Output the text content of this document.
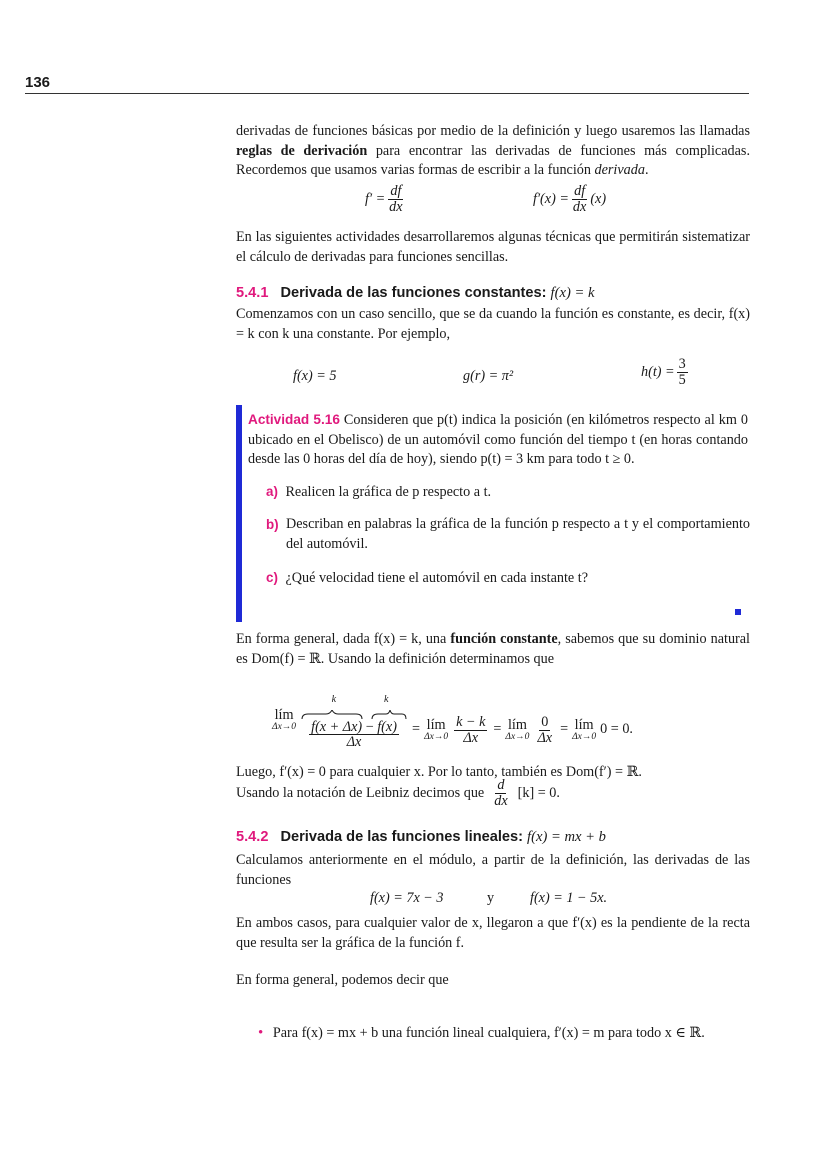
136
derivadas de funciones básicas por medio de la definición y luego usaremos las llamadas reglas de derivación para encontrar las derivadas de funciones más complicadas. Recordemos que usamos varias formas de escribir a la función derivada.
$f' = \frac{df}{dx}$	$f'(x) = \frac{df}{dx} (x)$
En las siguientes actividades desarrollaremos algunas técnicas que permitirán sistematizar el cálculo de derivadas para funciones sencillas.
5.4.1 Derivada de las funciones constantes: f(x) = k
Comenzamos con un caso sencillo, que se da cuando la función es constante, es decir, f(x) = k con k una constante. Por ejemplo,
f(x) = 5	g(r) = π²	$h(t) = \frac{3}{5}$
Actividad 5.16 Consideren que p(t) indica la posición (en kilómetros respecto al km 0 ubicado en el Obelisco) de un automóvil como función del tiempo t (en horas contando desde las 0 horas del día de hoy), siendo p(t) = 3 km para todo t ≥ 0.
a) Realicen la gráfica de p respecto a t.
b) Describan en palabras la gráfica de la función p respecto a t y el comportamiento del automóvil.
c) ¿Qué velocidad tiene el automóvil en cada instante t?
En forma general, dada f(x) = k, una función constante, sabemos que su dominio natural es Dom(f) = ℝ. Usando la definición determinamos que
lím
Δx→0
k	k
$\frac{f(x + \Delta x) - f(x)}{\Delta x}$ = lím
$\Delta x\to 0 \frac{k - k}{\Delta x}$ = lím
$\Delta x\to 0 \frac{0}{\Delta x}$ = lím
Δx→0 0 = 0.
Luego, f′(x) = 0 para cualquier x. Por lo tanto, también es Dom(f′) = ℝ.
Usando la notación de Leibniz decimos que $\frac{d}{dx} [k] = 0$.
5.4.2 Derivada de las funciones lineales: f(x) = mx + b
Calculamos anteriormente en el módulo, a partir de la definición, las derivadas de las funciones
f(x) = 7x − 3	y	f(x) = 1 − 5x.
En ambos casos, para cualquier valor de x, llegaron a que f′(x) es la pendiente de la recta que resulta ser la gráfica de la función f.
En forma general, podemos decir que
• Para f(x) = mx + b una función lineal cualquiera, f′(x) = m para todo x ∈ ℝ.
